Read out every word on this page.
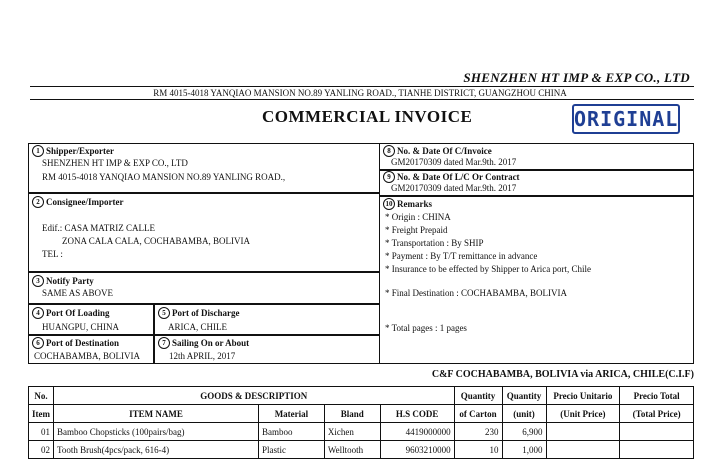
SHENZHEN HT IMP & EXP CO., LTD
RM 4015-4018 YANQIAO MANSION NO.89 YANLING ROAD., TIANHE DISTRICT, GUANGZHOU CHINA
COMMERCIAL INVOICE	ORIGINAL
1 Shipper/Exporter
SHENZHEN HT IMP & EXP CO., LTD
RM 4015-4018 YANQIAO MANSION NO.89 YANLING ROAD.,
2 Consignee/Importer
Edif.: CASA MATRIZ CALLE
ZONA CALA CALA, COCHABAMBA, BOLIVIA
TEL :
3 Notify Party
SAME AS ABOVE
4 Port Of Loading
HUANGPU, CHINA
5 Port of Discharge
ARICA, CHILE
6 Port of Destination
COCHABAMBA, BOLIVIA
7 Sailing On or About
12th APRIL, 2017
8 No. & Date Of C/Invoice
GM20170309 dated Mar.9th. 2017
9 No. & Date Of L/C Or Contract
GM20170309 dated Mar.9th. 2017
10 Remarks
* Origin : CHINA
* Freight Prepaid
* Transportation : By SHIP
* Payment : By T/T remittance in advance
* Insurance to be effected by Shipper to Arica port, Chile
* Final Destination : COCHABAMBA, BOLIVIA
* Total pages : 1 pages
C&F COCHABAMBA, BOLIVIA via ARICA, CHILE(C.I.F)
No.	GOODS & DESCRIPTION				Quantity	Quantity	Precio Unitario	Precio Total
Item	ITEM NAME	Material	Bland	H.S CODE	of Carton	(unit)	(Unit Price)	(Total Price)
01	Bamboo Chopsticks (100pairs/bag)	Bamboo	Xichen	4419000000	230	6,900		
02	Tooth Brush(4pcs/pack, 616-4)	Plastic	Welltooth	9603210000	10	1,000		
